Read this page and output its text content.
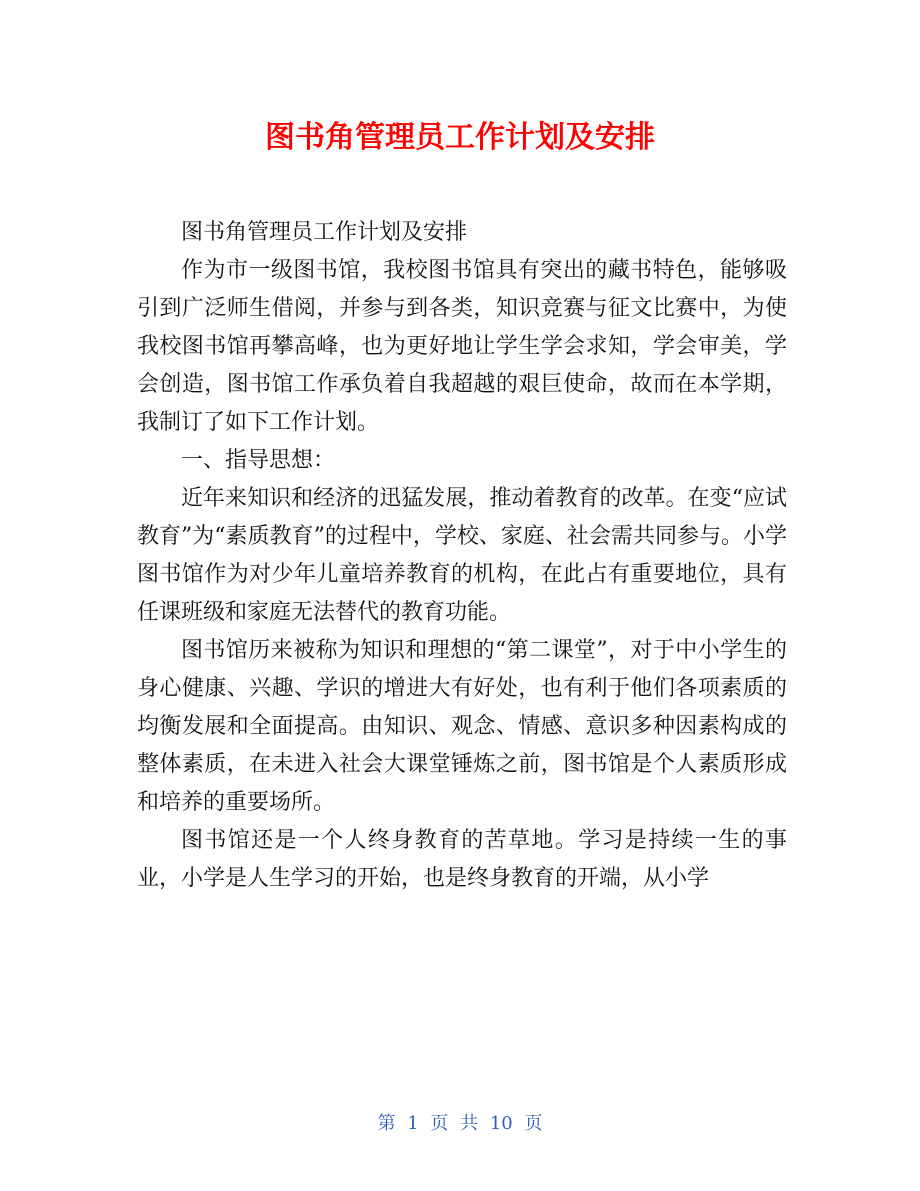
图书角管理员工作计划及安排

图书角管理员工作计划及安排

作为市一级图书馆，我校图书馆具有突出的藏书特色，能够吸引到广泛师生借阅，并参与到各类，知识竞赛与征文比赛中，为使我校图书馆再攀高峰，也为更好地让学生学会求知，学会审美，学会创造，图书馆工作承负着自我超越的艰巨使命，故而在本学期，我制订了如下工作计划。

一、指导思想：

近年来知识和经济的迅猛发展，推动着教育的改革。在变“应试教育”为“素质教育”的过程中，学校、家庭、社会需共同参与。小学图书馆作为对少年儿童培养教育的机构，在此占有重要地位，具有任课班级和家庭无法替代的教育功能。

图书馆历来被称为知识和理想的“第二课堂”，对于中小学生的身心健康、兴趣、学识的增进大有好处，也有利于他们各项素质的均衡发展和全面提高。由知识、观念、情感、意识多种因素构成的整体素质，在未进入社会大课堂锤炼之前，图书馆是个人素质形成和培养的重要场所。

图书馆还是一个人终身教育的苦草地。学习是持续一生的事业，小学是人生学习的开始，也是终身教育的开端，从小学

第 1 页 共 10 页
